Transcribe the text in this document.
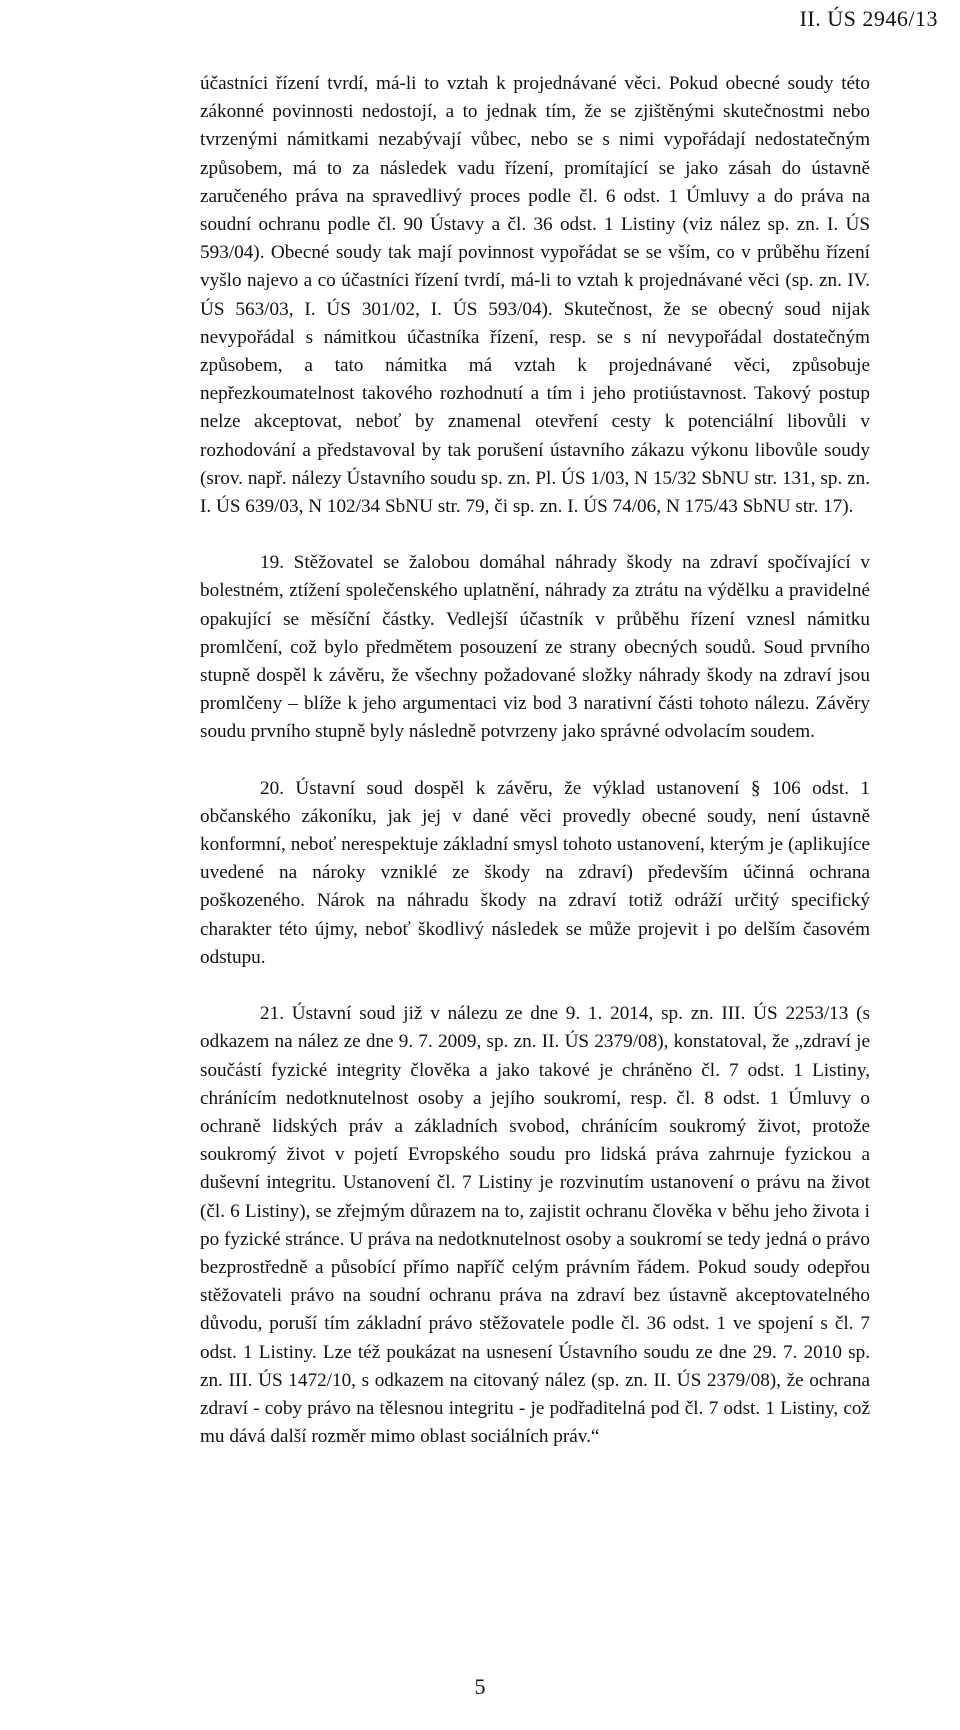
II. ÚS 2946/13

účastníci řízení tvrdí, má-li to vztah k projednávané věci. Pokud obecné soudy této zákonné povinnosti nedostojí, a to jednak tím, že se zjištěnými skutečnostmi nebo tvrzenými námitkami nezabývají vůbec, nebo se s nimi vypořádají nedostatečným způsobem, má to za následek vadu řízení, promítající se jako zásah do ústavně zaručeného práva na spravedlivý proces podle čl. 6 odst. 1 Úmluvy a do práva na soudní ochranu podle čl. 90 Ústavy a čl. 36 odst. 1 Listiny (viz nález sp. zn. I. ÚS 593/04). Obecné soudy tak mají povinnost vypořádat se se vším, co v průběhu řízení vyšlo najevo a co účastníci řízení tvrdí, má-li to vztah k projednávané věci (sp. zn. IV. ÚS 563/03, I. ÚS 301/02, I. ÚS 593/04). Skutečnost, že se obecný soud nijak nevypořádal s námitkou účastníka řízení, resp. se s ní nevypořádal dostatečným způsobem, a tato námitka má vztah k projednávané věci, způsobuje nepřezkoumatelnost takového rozhodnutí a tím i jeho protiústavnost. Takový postup nelze akceptovat, neboť by znamenal otevření cesty k potenciální libovůli v rozhodování a představoval by tak porušení ústavního zákazu výkonu libovůle soudy (srov. např. nálezy Ústavního soudu sp. zn. Pl. ÚS 1/03, N 15/32 SbNU str. 131, sp. zn. I. ÚS 639/03, N 102/34 SbNU str. 79, či sp. zn. I. ÚS 74/06, N 175/43 SbNU str. 17).

19. Stěžovatel se žalobou domáhal náhrady škody na zdraví spočívající v bolestném, ztížení společenského uplatnění, náhrady za ztrátu na výdělku a pravidelné opakující se měsíční částky. Vedlejší účastník v průběhu řízení vznesl námitku promlčení, což bylo předmětem posouzení ze strany obecných soudů. Soud prvního stupně dospěl k závěru, že všechny požadované složky náhrady škody na zdraví jsou promlčeny – blíže k jeho argumentaci viz bod 3 narativní části tohoto nálezu. Závěry soudu prvního stupně byly následně potvrzeny jako správné odvolacím soudem.

20. Ústavní soud dospěl k závěru, že výklad ustanovení § 106 odst. 1 občanského zákoníku, jak jej v dané věci provedly obecné soudy, není ústavně konformní, neboť nerespektuje základní smysl tohoto ustanovení, kterým je (aplikujíce uvedené na nároky vzniklé ze škody na zdraví) především účinná ochrana poškozeného. Nárok na náhradu škody na zdraví totiž odráží určitý specifický charakter této újmy, neboť škodlivý následek se může projevit i po delším časovém odstupu.

21. Ústavní soud již v nálezu ze dne 9. 1. 2014, sp. zn. III. ÚS 2253/13 (s odkazem na nález ze dne 9. 7. 2009, sp. zn. II. ÚS 2379/08), konstatoval, že „zdraví je součástí fyzické integrity člověka a jako takové je chráněno čl. 7 odst. 1 Listiny, chránícím nedotknutelnost osoby a jejího soukromí, resp. čl. 8 odst. 1 Úmluvy o ochraně lidských práv a základních svobod, chránícím soukromý život, protože soukromý život v pojetí Evropského soudu pro lidská práva zahrnuje fyzickou a duševní integritu. Ustanovení čl. 7 Listiny je rozvinutím ustanovení o právu na život (čl. 6 Listiny), se zřejmým důrazem na to, zajistit ochranu člověka v běhu jeho života i po fyzické stránce. U práva na nedotknutelnost osoby a soukromí se tedy jedná o právo bezprostředně a působící přímo napříč celým právním řádem. Pokud soudy odepřou stěžovateli právo na soudní ochranu práva na zdraví bez ústavně akceptovatelného důvodu, poruší tím základní právo stěžovatele podle čl. 36 odst. 1 ve spojení s čl. 7 odst. 1 Listiny. Lze též poukázat na usnesení Ústavního soudu ze dne 29. 7. 2010 sp. zn. III. ÚS 1472/10, s odkazem na citovaný nález (sp. zn. II. ÚS 2379/08), že ochrana zdraví - coby právo na tělesnou integritu - je podřaditelná pod čl. 7 odst. 1 Listiny, což mu dává další rozměr mimo oblast sociálních práv.“

5
